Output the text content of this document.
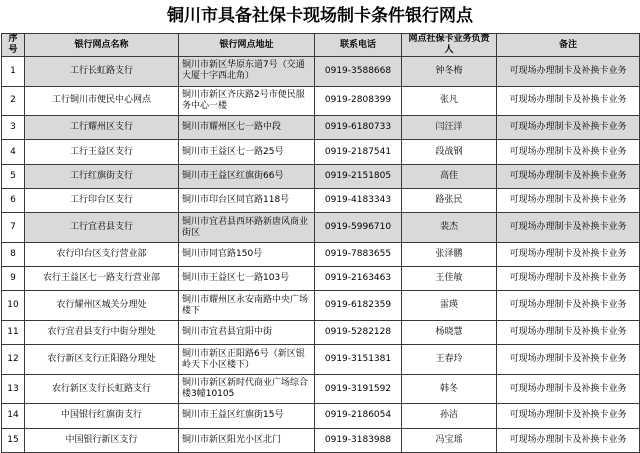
铜川市具备社保卡现场制卡条件银行网点
序号	银行网点名称	银行网点地址	联系电话	网点社保卡业务负责人	备注
1	工行长虹路支行	铜川市新区华原东道7号（交通大厦十字西北角）	0919-3588668	钟冬梅	可现场办理制卡及补换卡业务
2	工行铜川市便民中心网点	铜川市新区齐庆路2号市便民服务中心一楼	0919-2808399	张凡	可现场办理制卡及补换卡业务
3	工行耀州区支行	铜川市耀州区七一路中段	0919-6180733	闫汪洋	可现场办理制卡及补换卡业务
4	工行王益区支行	铜川市王益区七一路25号	0919-2187541	段战钢	可现场办理制卡及补换卡业务
5	工行红旗街支行	铜川市王益区红旗街66号	0919-2151805	高佳	可现场办理制卡及补换卡业务
6	工行印台区支行	铜川市印台区同官路118号	0919-4183343	路张民	可现场办理制卡及补换卡业务
7	工行宜君县支行	铜川市宜君县西环路新唐风商业街区	0919-5996710	裴杰	可现场办理制卡及补换卡业务
8	农行印台区支行营业部	铜川市同官路150号	0919-7883655	张泽鹏	可现场办理制卡及补换卡业务
9	农行王益区七一路支行营业部	铜川市王益区七一路103号	0919-2163463	王佳敏	可现场办理制卡及补换卡业务
10	农行耀州区城关分理处	铜川市耀州区永安南路中央广场楼下	0919-6182359	雷瑛	可现场办理制卡及补换卡业务
11	农行宜君县支行中街分理处	铜川市宜君县宜阳中街	0919-5282128	杨晓慧	可现场办理制卡及补换卡业务
12	农行新区支行正阳路分理处	铜川市新区正阳路6号（新区银岭天下小区楼下）	0919-3151381	王春玲	可现场办理制卡及补换卡业务
13	农行新区支行长虹路支行	铜川市新区新时代商业广场综合楼3幢10105	0919-3191592	韩冬	可现场办理制卡及补换卡业务
14	中国银行红旗街支行	铜川市王益区红旗街15号	0919-2186054	孙洁	可现场办理制卡及补换卡业务
15	中国银行新区支行	铜川市新区阳光小区北门	0919-3183988	冯宝瑶	可现场办理制卡及补换卡业务
